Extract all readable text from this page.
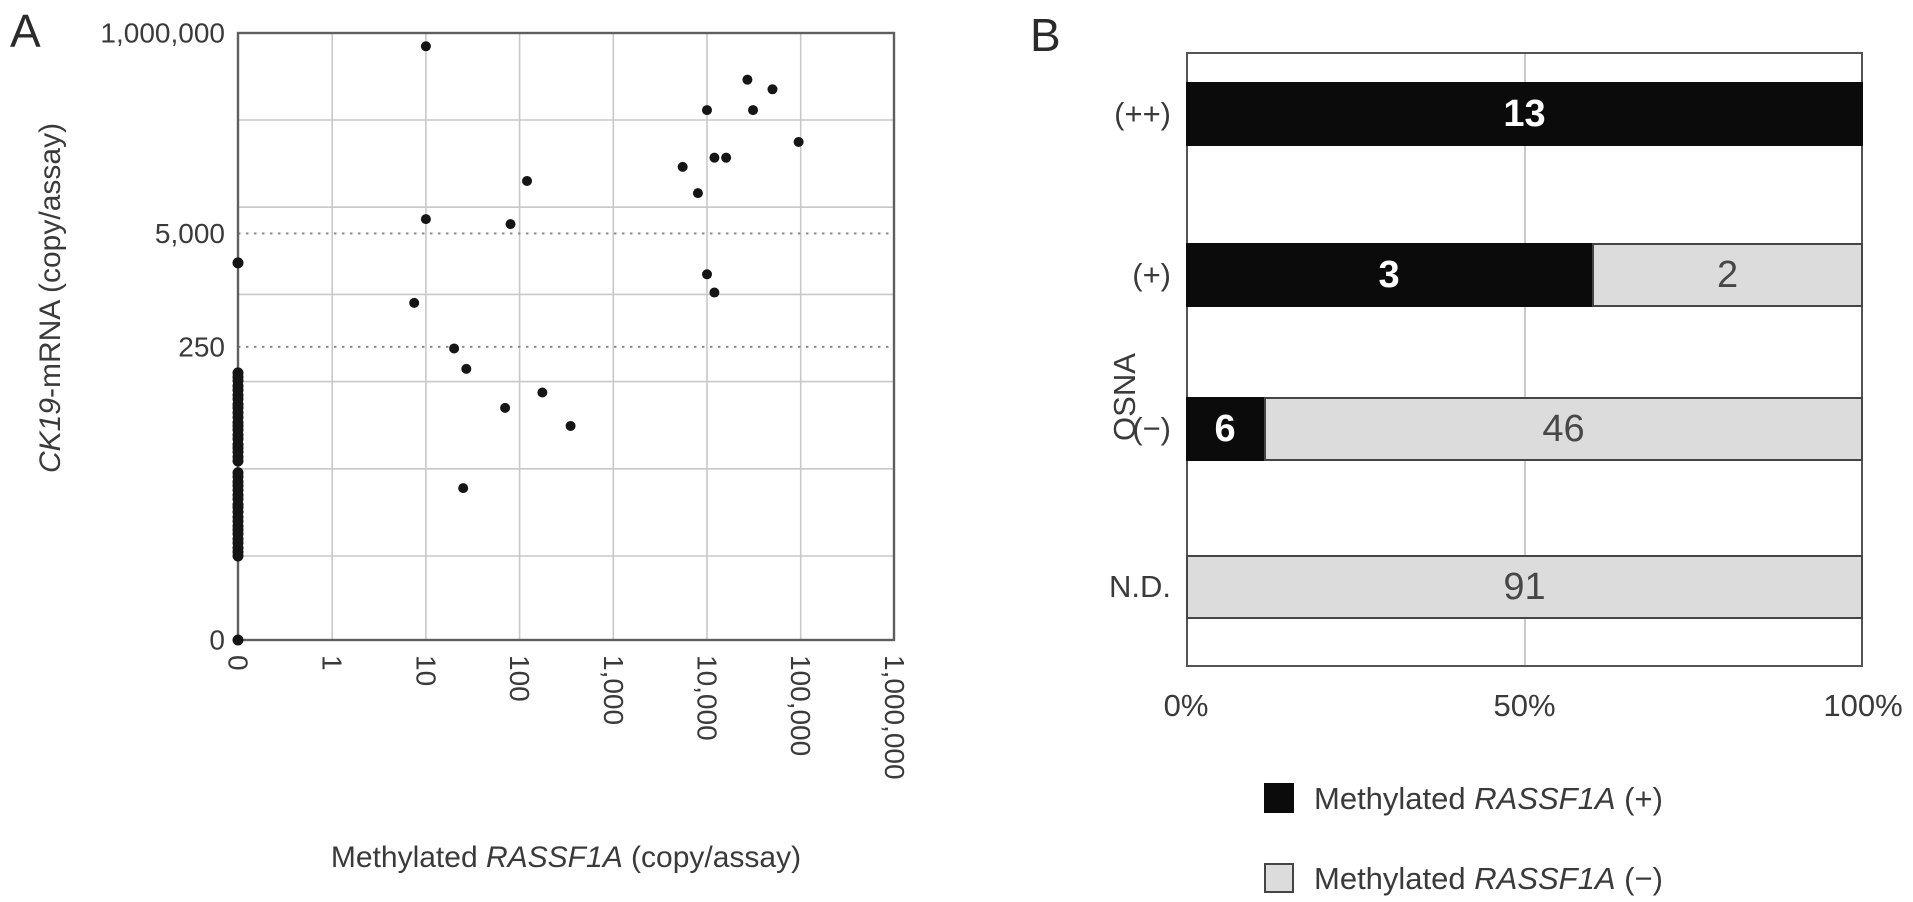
A	B
1,000,000
5,000
250
0
0 1 10 100 1,000 10,000 100,000 1,000,000
CK19-mRNA (copy/assay)
Methylated RASSF1A (copy/assay)
13
(++)
3	2
(+)
6	46
(−)
91
N.D.
0%	50%	100%
OSNA
Methylated RASSF1A (+)
Methylated RASSF1A (−)
